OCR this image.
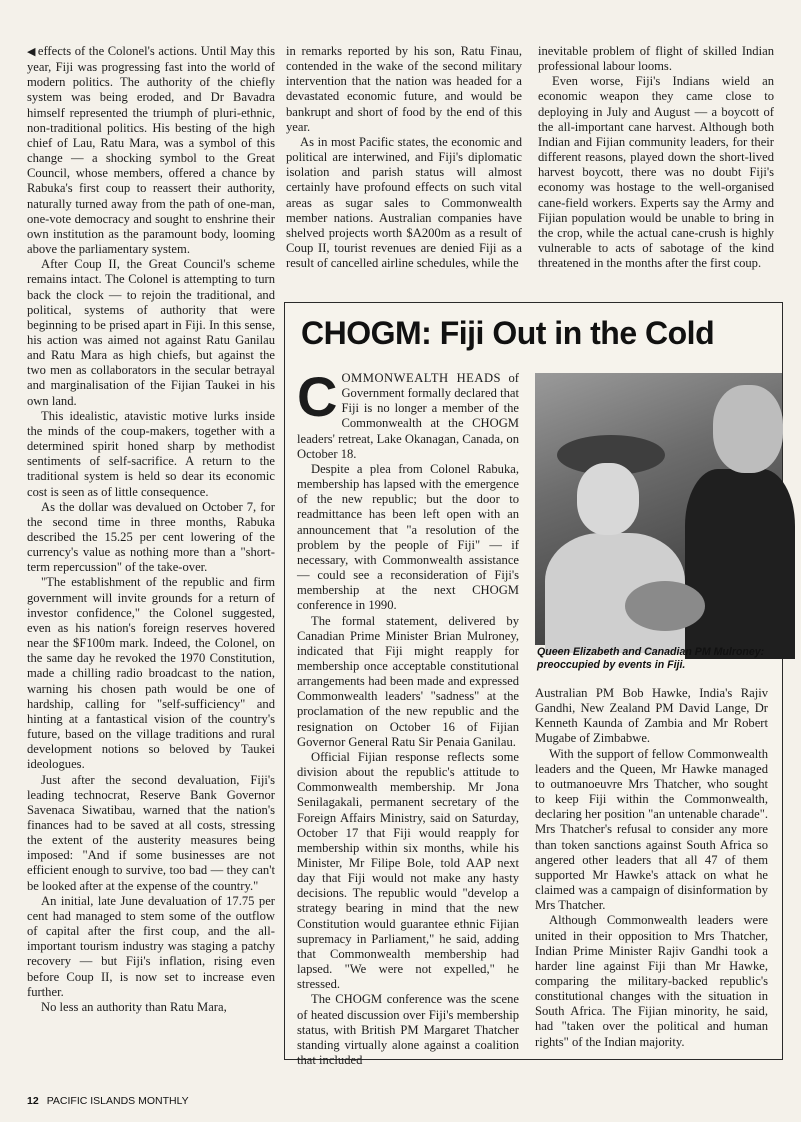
◀ effects of the Colonel's actions. Until May this year, Fiji was progressing fast into the world of modern politics. The authority of the chiefly system was being eroded, and Dr Bavadra himself represented the triumph of pluri-ethnic, non-traditional politics. His besting of the high chief of Lau, Ratu Mara, was a symbol of this change — a shocking symbol to the Great Council, whose members, offered a chance by Rabuka's first coup to reassert their authority, naturally turned away from the path of one-man, one-vote democracy and sought to enshrine their own institution as the paramount body, looming above the parliamentary system.

After Coup II, the Great Council's scheme remains intact. The Colonel is attempting to turn back the clock — to rejoin the traditional, and political, systems of authority that were beginning to be prised apart in Fiji. In this sense, his action was aimed not against Ratu Ganilau and Ratu Mara as high chiefs, but against the two men as collaborators in the secular betrayal and marginalisation of the Fijian Taukei in his own land.

This idealistic, atavistic motive lurks inside the minds of the coup-makers, together with a determined spirit honed sharp by methodist sentiments of self-sacrifice. A return to the traditional system is held so dear its economic cost is seen as of little consequence.

As the dollar was devalued on October 7, for the second time in three months, Rabuka described the 15.25 per cent lowering of the currency's value as nothing more than a "short-term repercussion" of the take-over.

"The establishment of the republic and firm government will invite grounds for a return of investor confidence," the Colonel suggested, even as his nation's foreign reserves hovered near the $F100m mark. Indeed, the Colonel, on the same day he revoked the 1970 Constitution, made a chilling radio broadcast to the nation, warning his chosen path would be one of hardship, calling for "self-sufficiency" and hinting at a fantastical vision of the country's future, based on the village traditions and rural development notions so beloved by Taukei ideologues.

Just after the second devaluation, Fiji's leading technocrat, Reserve Bank Governor Savenaca Siwatibau, warned that the nation's finances had to be saved at all costs, stressing the extent of the austerity measures being imposed: "And if some businesses are not efficient enough to survive, too bad — they can't be looked after at the expense of the country."

An initial, late June devaluation of 17.75 per cent had managed to stem some of the outflow of capital after the first coup, and the all-important tourism industry was staging a patchy recovery — but Fiji's inflation, rising even before Coup II, is now set to increase even further.

No less an authority than Ratu Mara,

in remarks reported by his son, Ratu Finau, contended in the wake of the second military intervention that the nation was headed for a devastated economic future, and would be bankrupt and short of food by the end of this year.

As in most Pacific states, the economic and political are interwined, and Fiji's diplomatic isolation and parish status will almost certainly have profound effects on such vital areas as sugar sales to Commonwealth member nations. Australian companies have shelved projects worth $A200m as a result of Coup II, tourist revenues are denied Fiji as a result of cancelled airline schedules, while the

inevitable problem of flight of skilled Indian professional labour looms.

Even worse, Fiji's Indians wield an economic weapon they came close to deploying in July and August — a boycott of the all-important cane harvest. Although both Indian and Fijian community leaders, for their different reasons, played down the short-lived harvest boycott, there was no doubt Fiji's economy was hostage to the well-organised cane-field workers. Experts say the Army and Fijian population would be unable to bring in the crop, while the actual cane-crush is highly vulnerable to acts of sabotage of the kind threatened in the months after the first coup.

CHOGM: Fiji Out in the Cold

COMMONWEALTH HEADS of Government formally declared that Fiji is no longer a member of the Commonwealth at the CHOGM leaders' retreat, Lake Okanagan, Canada, on October 18.

Despite a plea from Colonel Rabuka, membership has lapsed with the emergence of the new republic; but the door to readmittance has been left open with an announcement that "a resolution of the problem by the people of Fiji" — if necessary, with Commonwealth assistance — could see a reconsideration of Fiji's membership at the next CHOGM conference in 1990.

The formal statement, delivered by Canadian Prime Minister Brian Mulroney, indicated that Fiji might reapply for membership once acceptable constitutional arrangements had been made and expressed Commonwealth leaders' "sadness" at the proclamation of the new republic and the resignation on October 16 of Fijian Governor General Ratu Sir Penaia Ganilau.

Official Fijian response reflects some division about the republic's attitude to Commonwealth membership. Mr Jona Senilagakali, permanent secretary of the Foreign Affairs Ministry, said on Saturday, October 17 that Fiji would reapply for membership within six months, while his Minister, Mr Filipe Bole, told AAP next day that Fiji would not make any hasty decisions. The republic would "develop a strategy bearing in mind that the new Constitution would guarantee ethnic Fijian supremacy in Parliament," he said, adding that Commonwealth membership had lapsed. "We were not expelled," he stressed.

The CHOGM conference was the scene of heated discussion over Fiji's membership status, with British PM Margaret Thatcher standing virtually alone against a coalition that included

Queen Elizabeth and Canadian PM Mulroney: preoccupied by events in Fiji.

Australian PM Bob Hawke, India's Rajiv Gandhi, New Zealand PM David Lange, Dr Kenneth Kaunda of Zambia and Mr Robert Mugabe of Zimbabwe.

With the support of fellow Commonwealth leaders and the Queen, Mr Hawke managed to outmanoeuvre Mrs Thatcher, who sought to keep Fiji within the Commonwealth, declaring her position "an untenable charade". Mrs Thatcher's refusal to consider any more than token sanctions against South Africa so angered other leaders that all 47 of them supported Mr Hawke's attack on what he claimed was a campaign of disinformation by Mrs Thatcher.

Although Commonwealth leaders were united in their opposition to Mrs Thatcher, Indian Prime Minister Rajiv Gandhi took a harder line against Fiji than Mr Hawke, comparing the military-backed republic's constitutional changes with the situation in South Africa. The Fijian minority, he said, had "taken over the political and human rights" of the Indian majority.

12 PACIFIC ISLANDS MONTHLY
